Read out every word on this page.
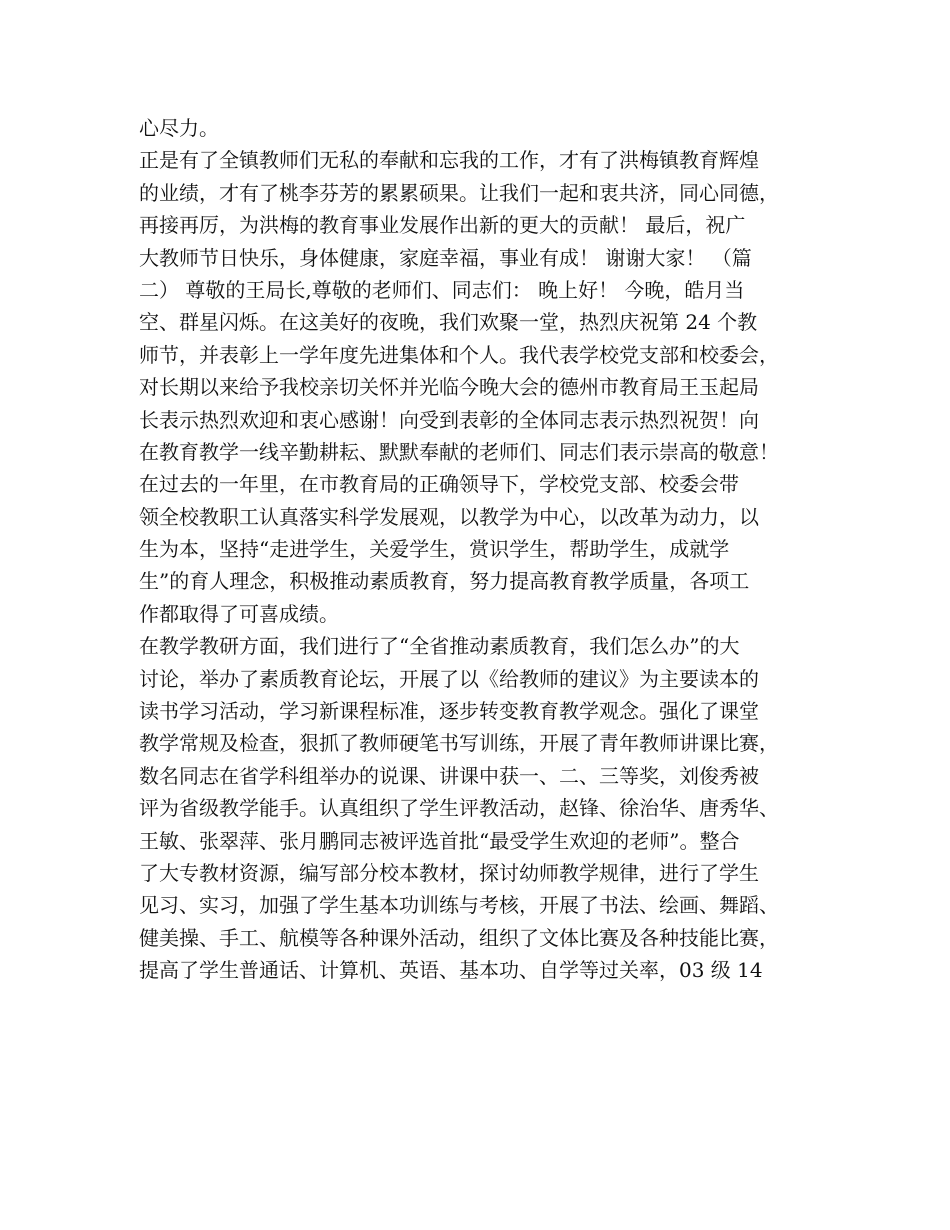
心尽力。
正是有了全镇教师们无私的奉献和忘我的工作，才有了洪梅镇教育辉煌
的业绩，才有了桃李芬芳的累累硕果。让我们一起和衷共济，同心同德，
再接再厉，为洪梅的教育事业发展作出新的更大的贡献！ 最后，祝广
大教师节日快乐，身体健康，家庭幸福，事业有成！ 谢谢大家！ （篇
二） 尊敬的王局长,尊敬的老师们、同志们： 晚上好！ 今晚，皓月当
空、群星闪烁。在这美好的夜晚，我们欢聚一堂，热烈庆祝第 24 个教
师节，并表彰上一学年度先进集体和个人。我代表学校党支部和校委会，
对长期以来给予我校亲切关怀并光临今晚大会的德州市教育局王玉起局
长表示热烈欢迎和衷心感谢！向受到表彰的全体同志表示热烈祝贺！向
在教育教学一线辛勤耕耘、默默奉献的老师们、同志们表示崇高的敬意！
在过去的一年里，在市教育局的正确领导下，学校党支部、校委会带
领全校教职工认真落实科学发展观，以教学为中心，以改革为动力，以
生为本，坚持“走进学生，关爱学生，赏识学生，帮助学生，成就学
生”的育人理念，积极推动素质教育，努力提高教育教学质量，各项工
作都取得了可喜成绩。
在教学教研方面，我们进行了“全省推动素质教育，我们怎么办”的大
讨论，举办了素质教育论坛，开展了以《给教师的建议》为主要读本的
读书学习活动，学习新课程标准，逐步转变教育教学观念。强化了课堂
教学常规及检查，狠抓了教师硬笔书写训练，开展了青年教师讲课比赛，
数名同志在省学科组举办的说课、讲课中获一、二、三等奖，刘俊秀被
评为省级教学能手。认真组织了学生评教活动，赵锋、徐治华、唐秀华、
王敏、张翠萍、张月鹏同志被评选首批“最受学生欢迎的老师”。整合
了大专教材资源，编写部分校本教材，探讨幼师教学规律，进行了学生
见习、实习，加强了学生基本功训练与考核，开展了书法、绘画、舞蹈、
健美操、手工、航模等各种课外活动，组织了文体比赛及各种技能比赛，
提高了学生普通话、计算机、英语、基本功、自学等过关率，03 级 14
